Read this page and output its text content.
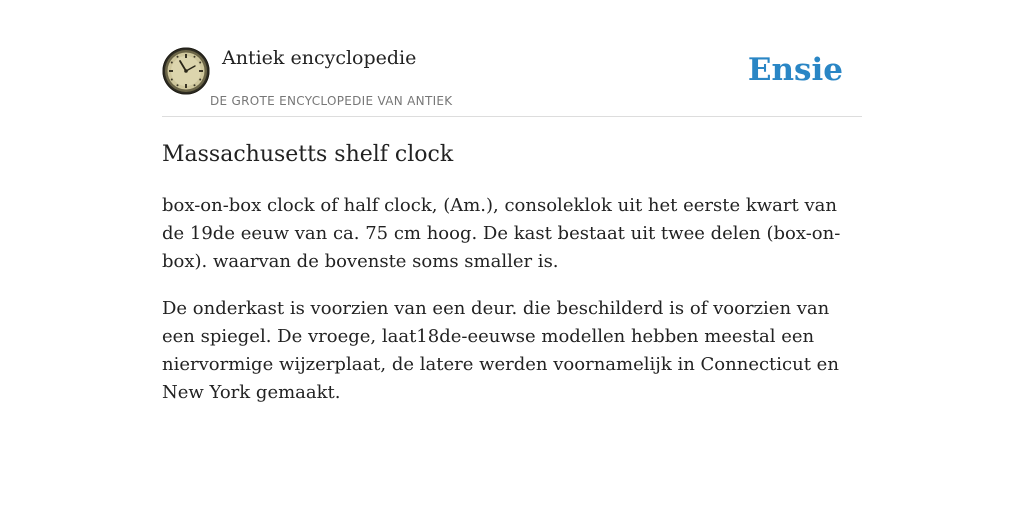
Antiek encyclopedie
DE GROTE ENCYCLOPEDIE VAN ANTIEK
Ensie
Massachusetts shelf clock

box-on-box clock of half clock, (Am.), consoleklok uit het eerste kwart van de 19de eeuw van ca. 75 cm hoog. De kast bestaat uit twee delen (box-on-box). waarvan de bovenste soms smaller is.

De onderkast is voorzien van een deur. die beschilderd is of voorzien van een spiegel. De vroege, laat18de-eeuwse modellen hebben meestal een niervormige wijzerplaat, de latere werden voornamelijk in Connecticut en New York gemaakt.
